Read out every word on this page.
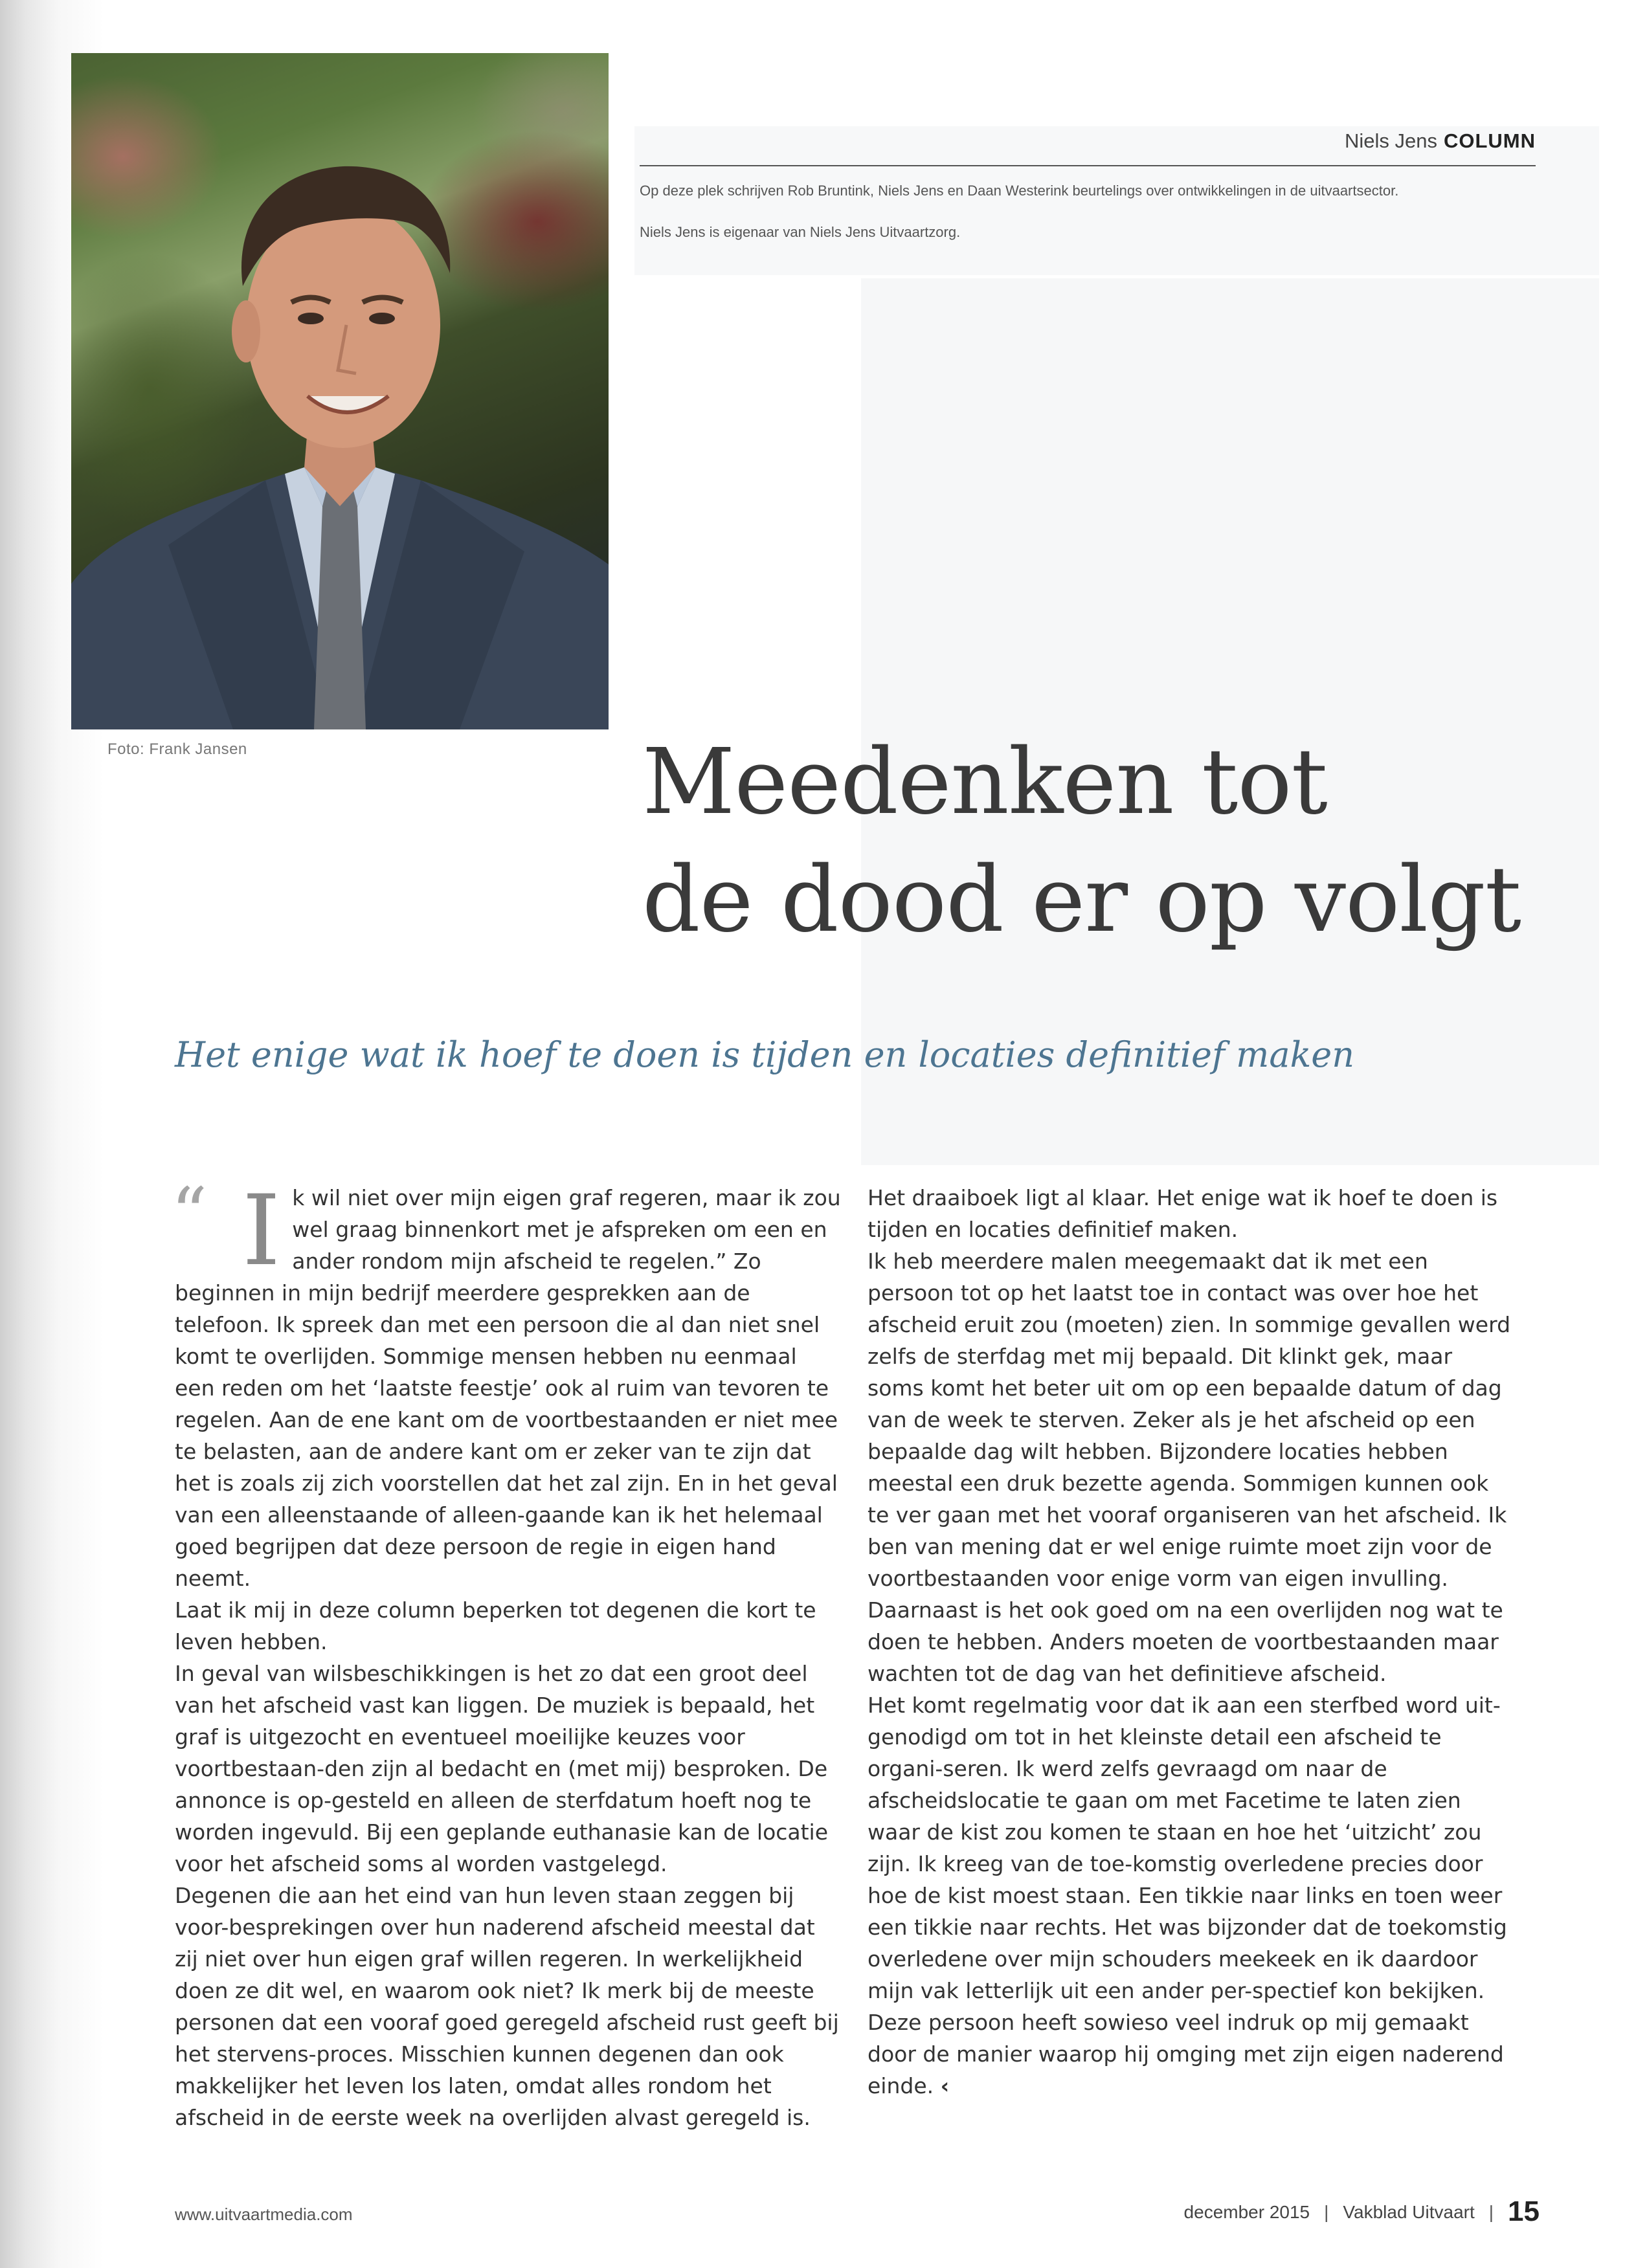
Foto: Frank Jansen
Niels Jens COLUMN
Op deze plek schrijven Rob Bruntink, Niels Jens en Daan Westerink beurtelings over ontwikkelingen in de uitvaartsector.
Niels Jens is eigenaar van Niels Jens Uitvaartzorg.
Meedenken tot
de dood er op volgt
Het enige wat ik hoef te doen is tijden en locaties definitief maken
“ I k wil niet over mijn eigen graf regeren, maar ik zou wel graag binnenkort met je afspreken om een en ander rondom mijn afscheid te regelen.” Zo beginnen in mijn bedrijf meerdere gesprekken aan de telefoon. Ik spreek dan met een persoon die al dan niet snel komt te overlijden. Sommige mensen hebben nu eenmaal een reden om het ‘laatste feestje’ ook al ruim van tevoren te regelen. Aan de ene kant om de voortbestaanden er niet mee te belasten, aan de andere kant om er zeker van te zijn dat het is zoals zij zich voorstellen dat het zal zijn. En in het geval van een alleenstaande of alleen-gaande kan ik het helemaal goed begrijpen dat deze persoon de regie in eigen hand neemt.

Laat ik mij in deze column beperken tot degenen die kort te leven hebben.

In geval van wilsbeschikkingen is het zo dat een groot deel van het afscheid vast kan liggen. De muziek is bepaald, het graf is uitgezocht en eventueel moeilijke keuzes voor voortbestaan-den zijn al bedacht en (met mij) besproken. De annonce is op-gesteld en alleen de sterfdatum hoeft nog te worden ingevuld. Bij een geplande euthanasie kan de locatie voor het afscheid soms al worden vastgelegd.

Degenen die aan het eind van hun leven staan zeggen bij voor-besprekingen over hun naderend afscheid meestal dat zij niet over hun eigen graf willen regeren. In werkelijkheid doen ze dit wel, en waarom ook niet? Ik merk bij de meeste personen dat een vooraf goed geregeld afscheid rust geeft bij het stervens-proces. Misschien kunnen degenen dan ook makkelijker het leven los laten, omdat alles rondom het afscheid in de eerste week na overlijden alvast geregeld is.

Het draaiboek ligt al klaar. Het enige wat ik hoef te doen is tijden en locaties definitief maken.

Ik heb meerdere malen meegemaakt dat ik met een persoon tot op het laatst toe in contact was over hoe het afscheid eruit zou (moeten) zien. In sommige gevallen werd zelfs de sterfdag met mij bepaald. Dit klinkt gek, maar soms komt het beter uit om op een bepaalde datum of dag van de week te sterven. Zeker als je het afscheid op een bepaalde dag wilt hebben. Bijzondere locaties hebben meestal een druk bezette agenda. Sommigen kunnen ook te ver gaan met het vooraf organiseren van het afscheid. Ik ben van mening dat er wel enige ruimte moet zijn voor de voortbestaanden voor enige vorm van eigen invulling. Daarnaast is het ook goed om na een overlijden nog wat te doen te hebben. Anders moeten de voortbestaanden maar wachten tot de dag van het definitieve afscheid.

Het komt regelmatig voor dat ik aan een sterfbed word uit-genodigd om tot in het kleinste detail een afscheid te organi-seren. Ik werd zelfs gevraagd om naar de afscheidslocatie te gaan om met Facetime te laten zien waar de kist zou komen te staan en hoe het ‘uitzicht’ zou zijn. Ik kreeg van de toe-komstig overledene precies door hoe de kist moest staan. Een tikkie naar links en toen weer een tikkie naar rechts. Het was bijzonder dat de toekomstig overledene over mijn schouders meekeek en ik daardoor mijn vak letterlijk uit een ander per-spectief kon bekijken. Deze persoon heeft sowieso veel indruk op mij gemaakt door de manier waarop hij omging met zijn eigen naderend einde. ‹

www.uitvaartmedia.com	december 2015 | Vakblad Uitvaart | 15
